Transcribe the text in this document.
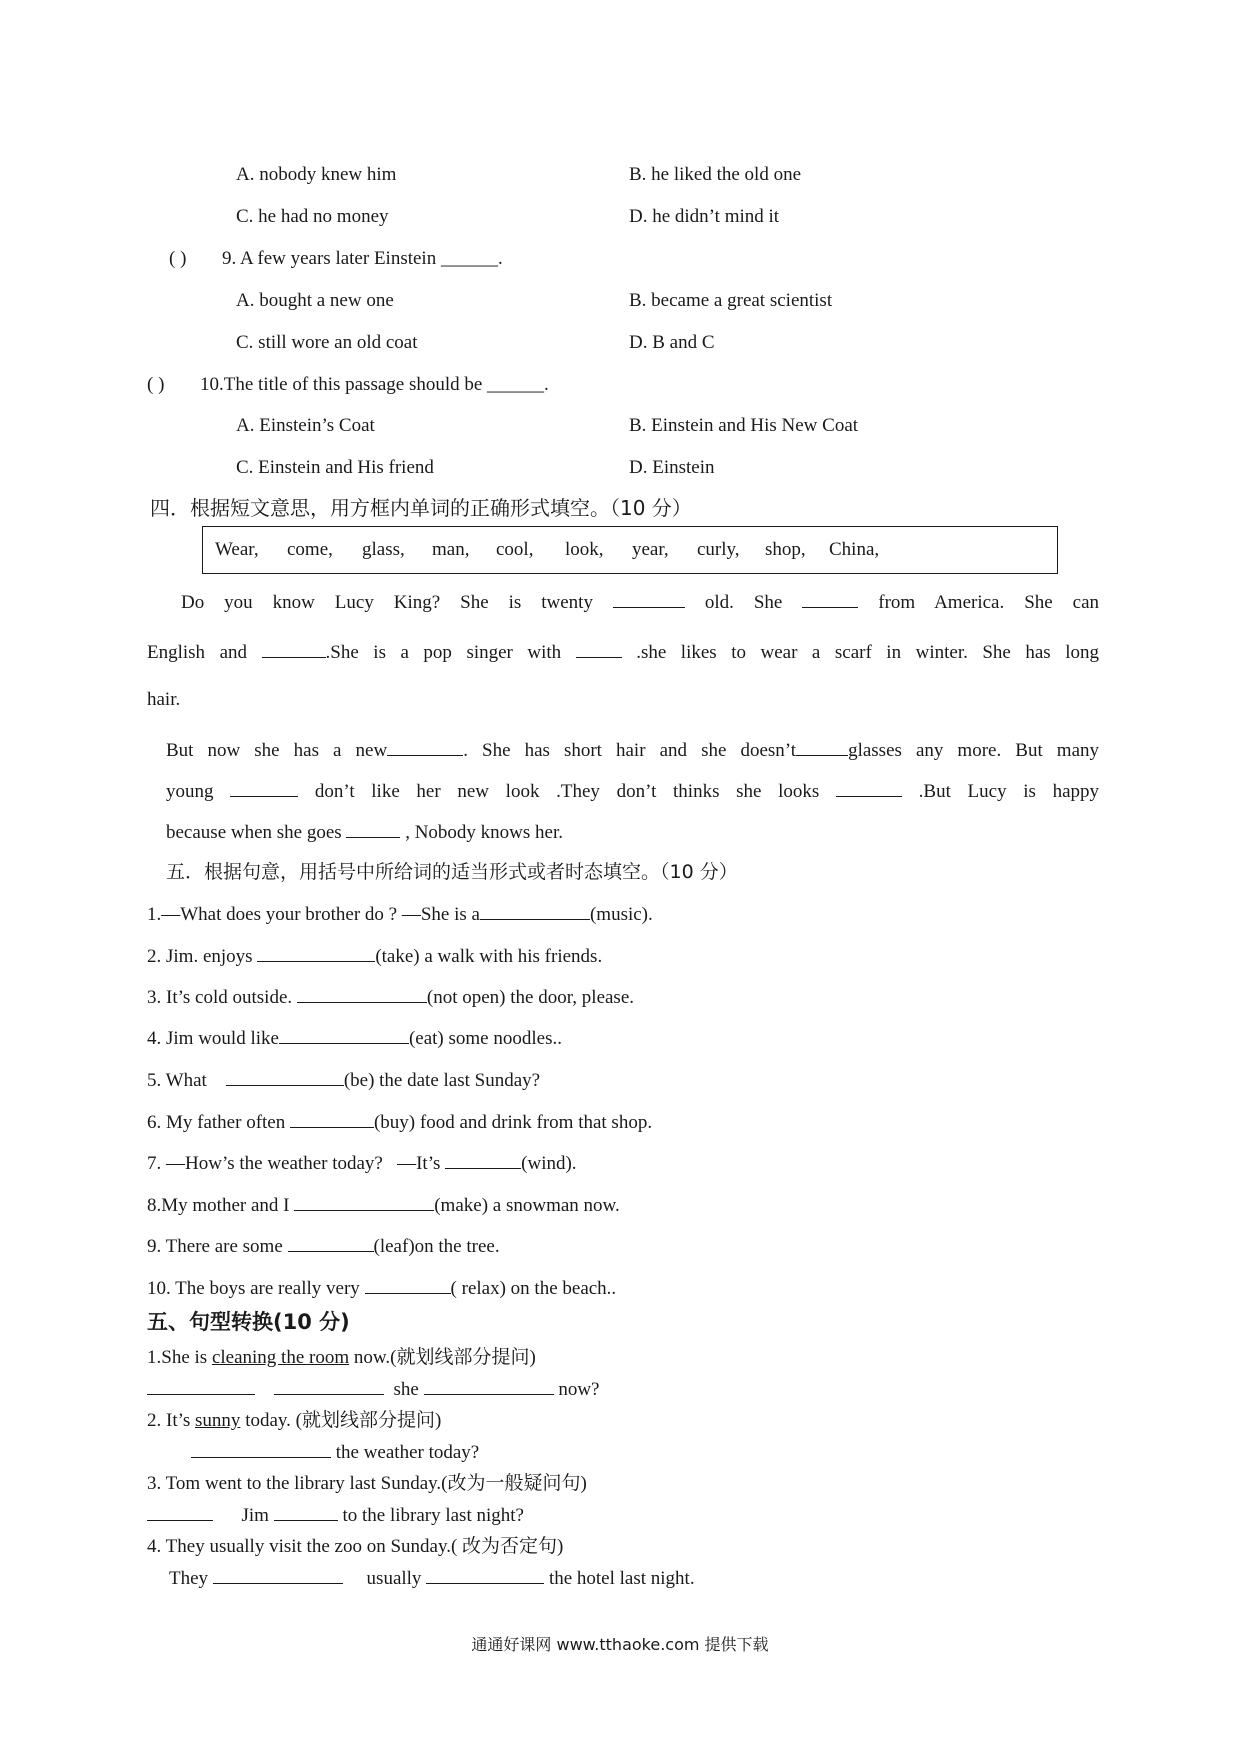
A. nobody knew him	B. he liked the old one
C. he had no money	D. he didn’t mind it
( ) 9. A few years later Einstein ______.
A. bought a new one	B. became a great scientist
C. still wore an old coat	D. B and C
( ) 10.The title of this passage should be ______.
A. Einstein’s Coat	B. Einstein and His New Coat
C. Einstein and His friend	D. Einstein
四．根据短文意思，用方框内单词的正确形式填空。（10 分）
Wear, come, glass, man, cool, look, year, curly, shop, China,
Do you know Lucy King? She is twenty	old. She	from America. She can
English and	.She is a pop singer with	.she likes to wear a scarf in winter. She has long
hair.
But now she has a new	. She has short hair and she doesn’t	glasses any more. But many
young	don’t like her new look .They don’t thinks she looks	.But Lucy is happy
because when she goes	, Nobody knows her.
五．根据句意，用括号中所给词的适当形式或者时态填空。（10 分）
1.—What does your brother do ? —She is a	(music).
2. Jim. enjoys	(take) a walk with his friends.
3. It’s cold outside.	(not open) the door, please.
4. Jim would like	(eat) some noodles..
5. What	(be) the date last Sunday?
6. My father often	(buy) food and drink from that shop.
7. —How’s the weather today?   —It’s	(wind).
8.My mother and I	(make) a snowman now.
9. There are some	(leaf)on the tree.
10. The boys are really very	( relax) on the beach..
五、句型转换(10 分)
1.She is cleaning the room now.(就划线部分提问)
she	now?
2. It’s sunny today. (就划线部分提问)
the weather today?
3. Tom went to the library last Sunday.(改为一般疑问句)
Jim	to the library last night?
4. They usually visit the zoo on Sunday.( 改为否定句)
They	usually	the hotel last night.
通通好课网 www.tthaoke.com 提供下载
